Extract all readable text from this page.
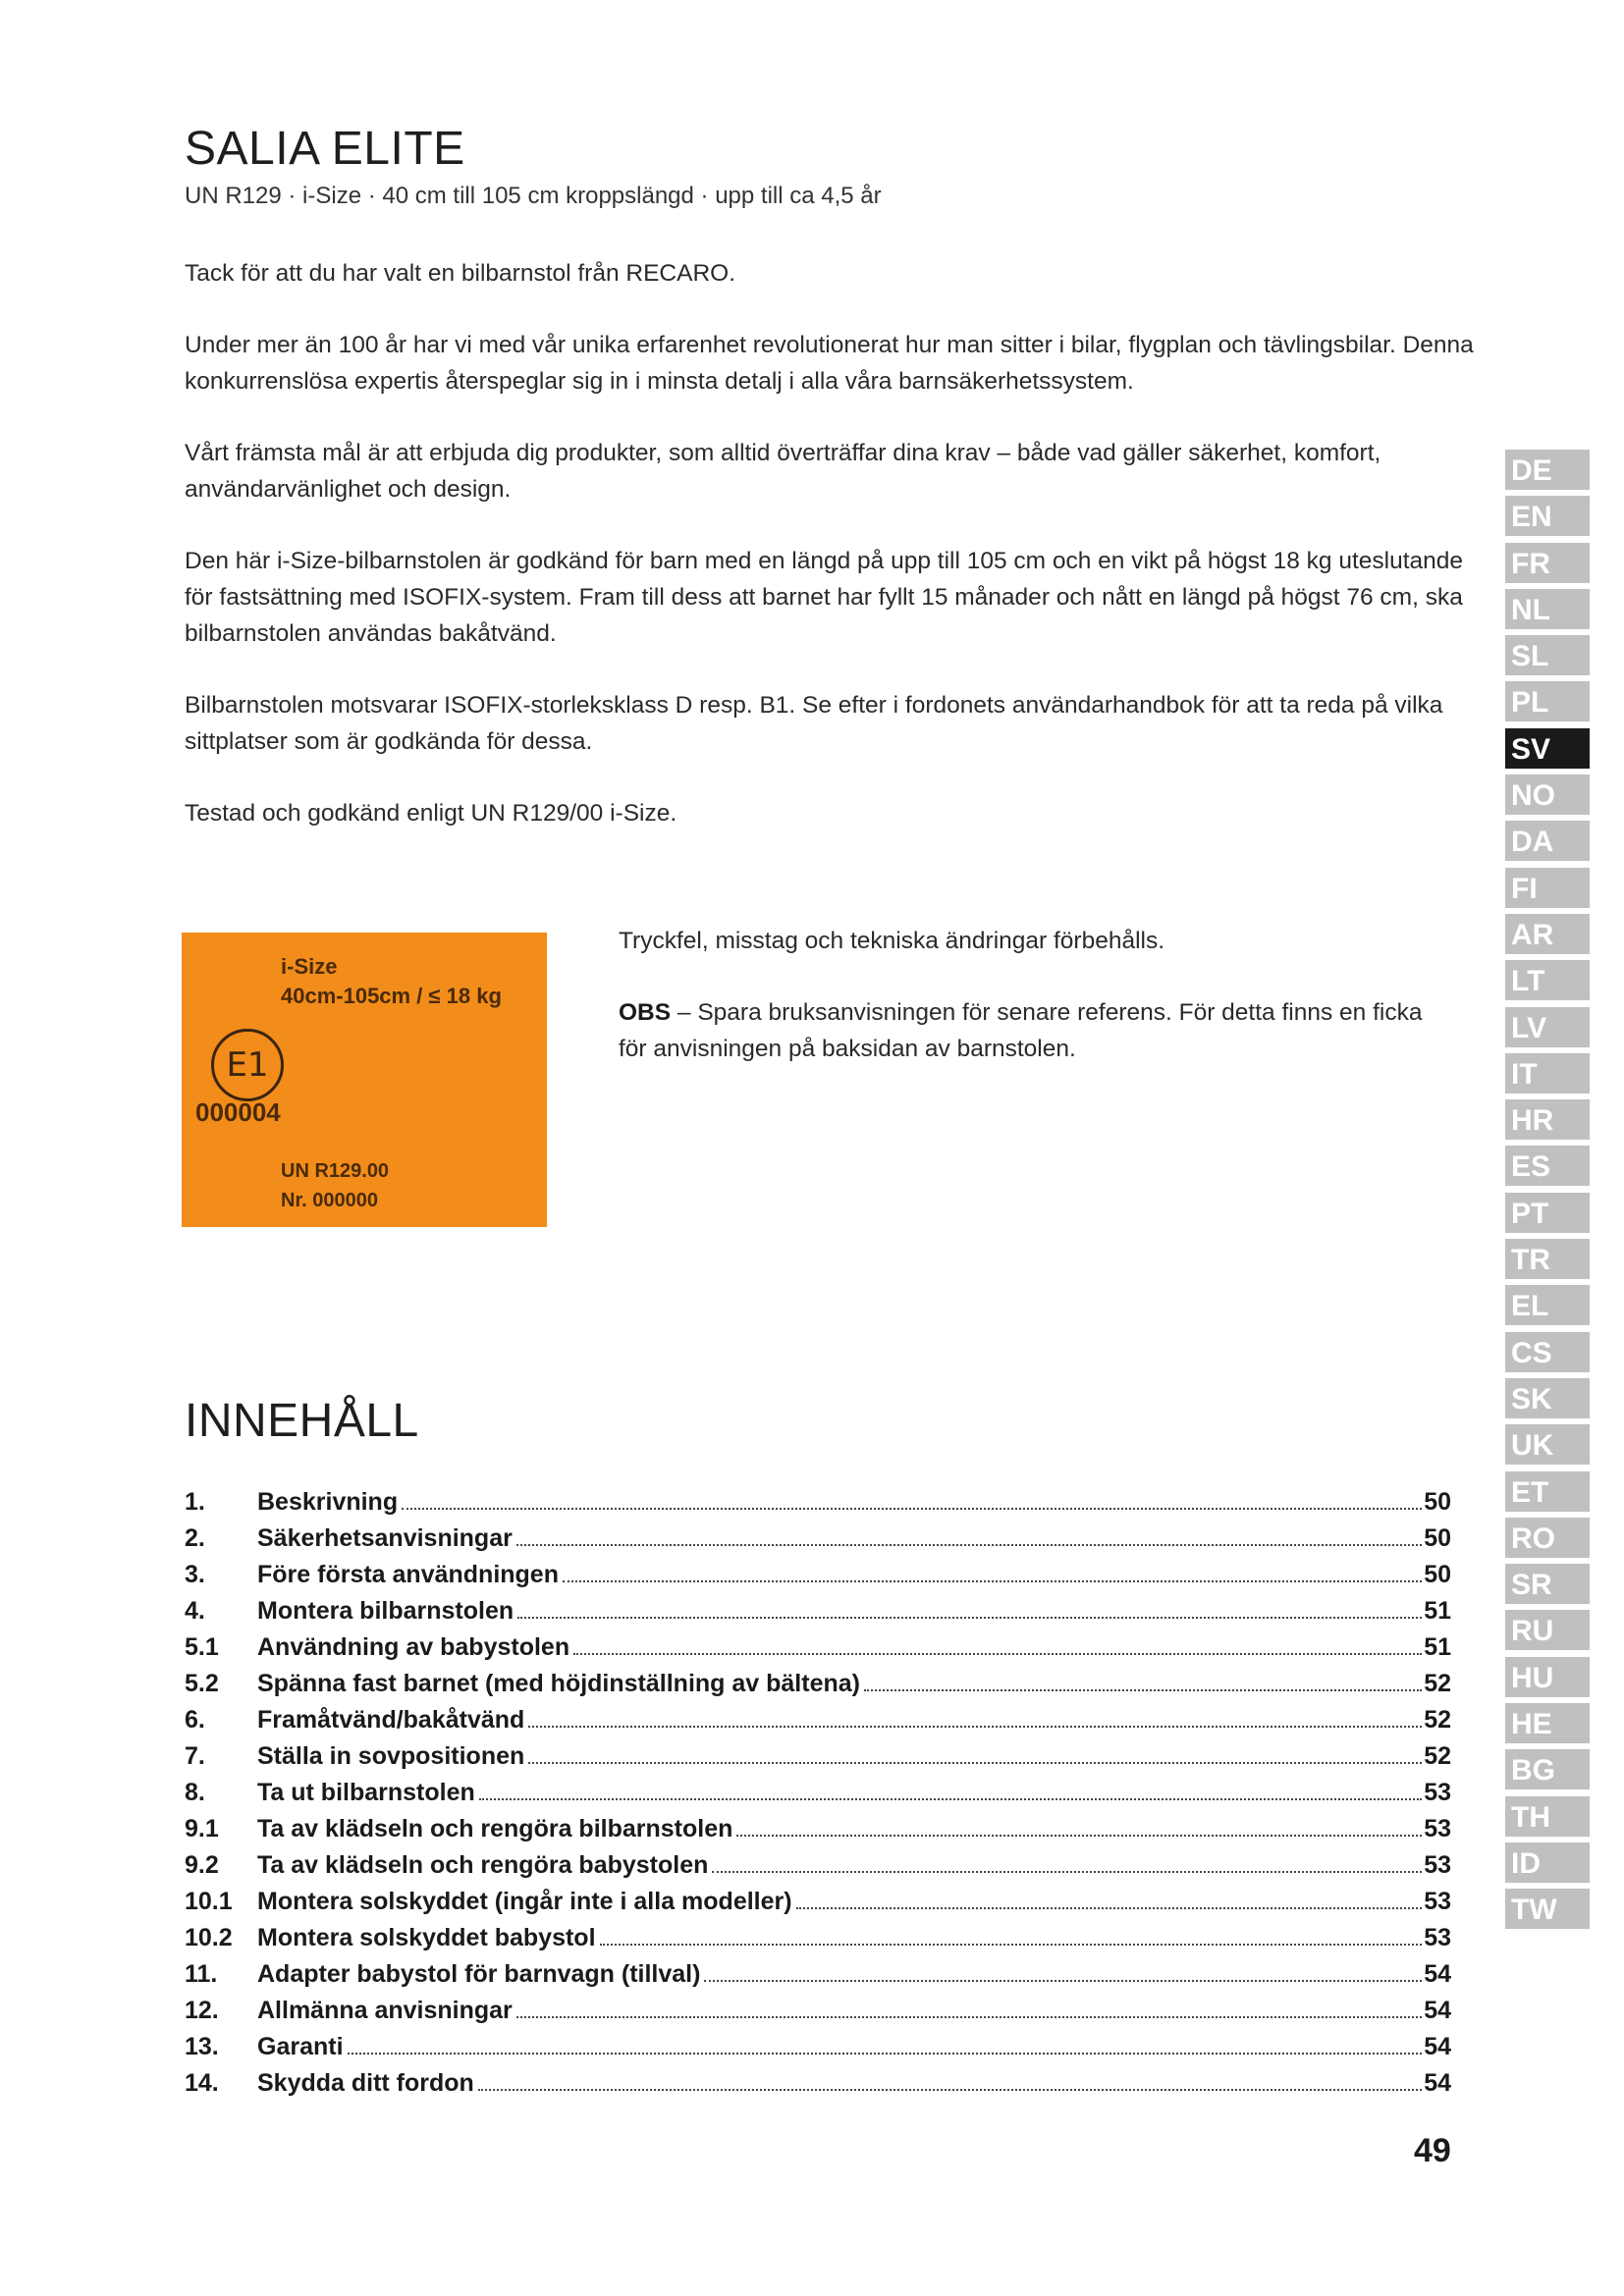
SALIA ELITE
UN R129 · i-Size · 40 cm till 105 cm kroppslängd · upp till ca 4,5 år

Tack för att du har valt en bilbarnstol från RECARO.

Under mer än 100 år har vi med vår unika erfarenhet revolutionerat hur man sitter i bilar, flygplan och tävlingsbilar. Denna konkurrenslösa expertis återspeglar sig in i minsta detalj i alla våra barnsäkerhetssystem.

Vårt främsta mål är att erbjuda dig produkter, som alltid överträffar dina krav – både vad gäller säkerhet, komfort, användarvänlighet och design.

Den här i-Size-bilbarnstolen är godkänd för barn med en längd på upp till 105 cm och en vikt på högst 18 kg uteslutande för fastsättning med ISOFIX-system. Fram till dess att barnet har fyllt 15 månader och nått en längd på högst 76 cm, ska bilbarnstolen användas bakåtvänd.

Bilbarnstolen motsvarar ISOFIX-storleksklass D resp. B1. Se efter i fordonets användarhandbok för att ta reda på vilka sittplatser som är godkända för dessa.

Testad och godkänd enligt UN R129/00 i-Size.

i-Size
40cm-105cm / ≤ 18 kg
E1
000004
UN R129.00
Nr. 000000

Tryckfel, misstag och tekniska ändringar förbehålls.

OBS – Spara bruksanvisningen för senare referens. För detta finns en ficka för anvisningen på baksidan av barnstolen.

INNEHÅLL
1.	Beskrivning	50
2.	Säkerhetsanvisningar	50
3.	Före första användningen	50
4.	Montera bilbarnstolen	51
5.1	Användning av babystolen	51
5.2	Spänna fast barnet (med höjdinställning av bältena)	52
6.	Framåtvänd/bakåtvänd	52
7.	Ställa in sovpositionen	52
8.	Ta ut bilbarnstolen	53
9.1	Ta av klädseln och rengöra bilbarnstolen	53
9.2	Ta av klädseln och rengöra babystolen	53
10.1	Montera solskyddet (ingår inte i alla modeller)	53
10.2	Montera solskyddet babystol	53
11.	Adapter babystol för barnvagn (tillval)	54
12.	Allmänna anvisningar	54
13.	Garanti	54
14.	Skydda ditt fordon	54
49
DE
EN
FR
NL
SL
PL
SV
NO
DA
FI
AR
LT
LV
IT
HR
ES
PT
TR
EL
CS
SK
UK
ET
RO
SR
RU
HU
HE
BG
TH
ID
TW
